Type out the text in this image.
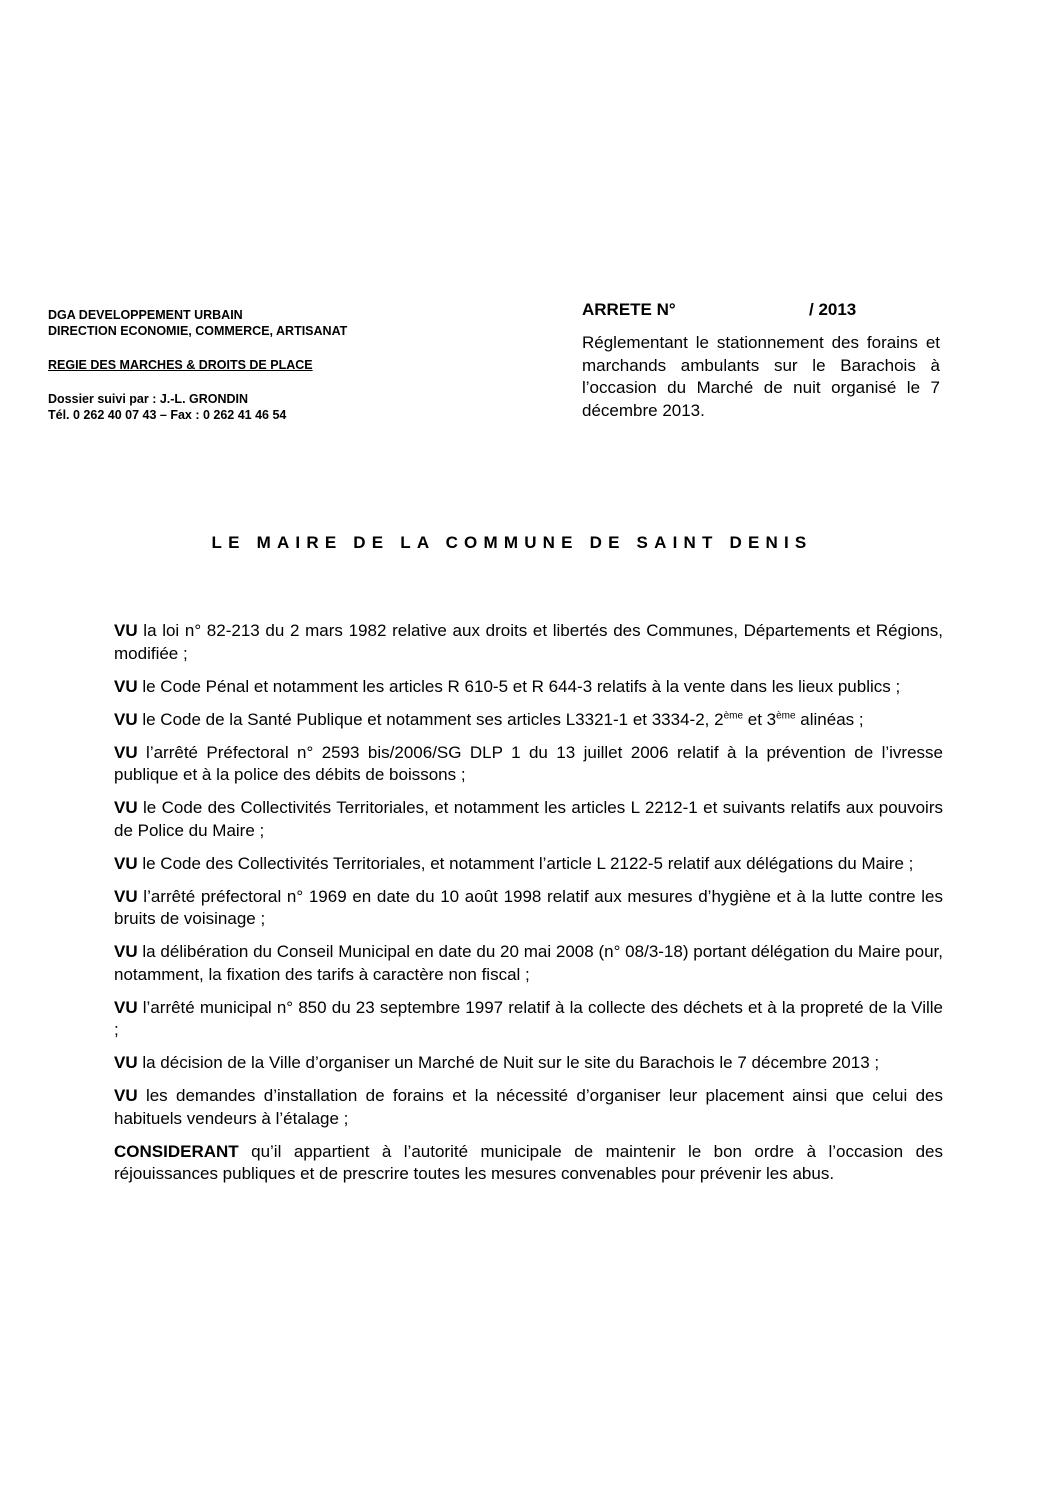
DGA DEVELOPPEMENT URBAIN
DIRECTION ECONOMIE, COMMERCE, ARTISANAT
REGIE DES MARCHES & DROITS DE PLACE
Dossier suivi par : J.-L. GRONDIN
Tél. 0 262 40 07 43 – Fax : 0 262 41 46 54
ARRETE N°	/ 2013
Réglementant le stationnement des forains et marchands ambulants sur le Barachois à l’occasion du Marché de nuit organisé le 7 décembre 2013.
LE MAIRE DE LA COMMUNE DE SAINT DENIS

VU la loi n° 82-213 du 2 mars 1982 relative aux droits et libertés des Communes, Départements et Régions, modifiée ;

VU le Code Pénal et notamment les articles R 610-5 et R 644-3 relatifs à la vente dans les lieux publics ;

VU le Code de la Santé Publique et notamment ses articles L3321-1 et 3334-2, 2ème et 3ème alinéas ;

VU l’arrêté Préfectoral n° 2593 bis/2006/SG DLP 1 du 13 juillet 2006 relatif à la prévention de l’ivresse publique et à la police des débits de boissons ;

VU le Code des Collectivités Territoriales, et notamment les articles L 2212-1 et suivants relatifs aux pouvoirs de Police du Maire ;

VU le Code des Collectivités Territoriales, et notamment l’article L 2122-5 relatif aux délégations du Maire ;

VU l’arrêté préfectoral n° 1969 en date du 10 août 1998 relatif aux mesures d’hygiène et à la lutte contre les bruits de voisinage ;

VU la délibération du Conseil Municipal en date du 20 mai 2008 (n° 08/3-18) portant délégation du Maire pour, notamment, la fixation des tarifs à caractère non fiscal ;

VU l’arrêté municipal n° 850 du 23 septembre 1997 relatif à la collecte des déchets et à la propreté de la Ville ;

VU la décision de la Ville d’organiser un Marché de Nuit sur le site du Barachois le 7 décembre 2013 ;

VU les demandes d’installation de forains et la nécessité d’organiser leur placement ainsi que celui des habituels vendeurs à l’étalage ;

CONSIDERANT qu’il appartient à l’autorité municipale de maintenir le bon ordre à l’occasion des réjouissances publiques et de prescrire toutes les mesures convenables pour prévenir les abus.
